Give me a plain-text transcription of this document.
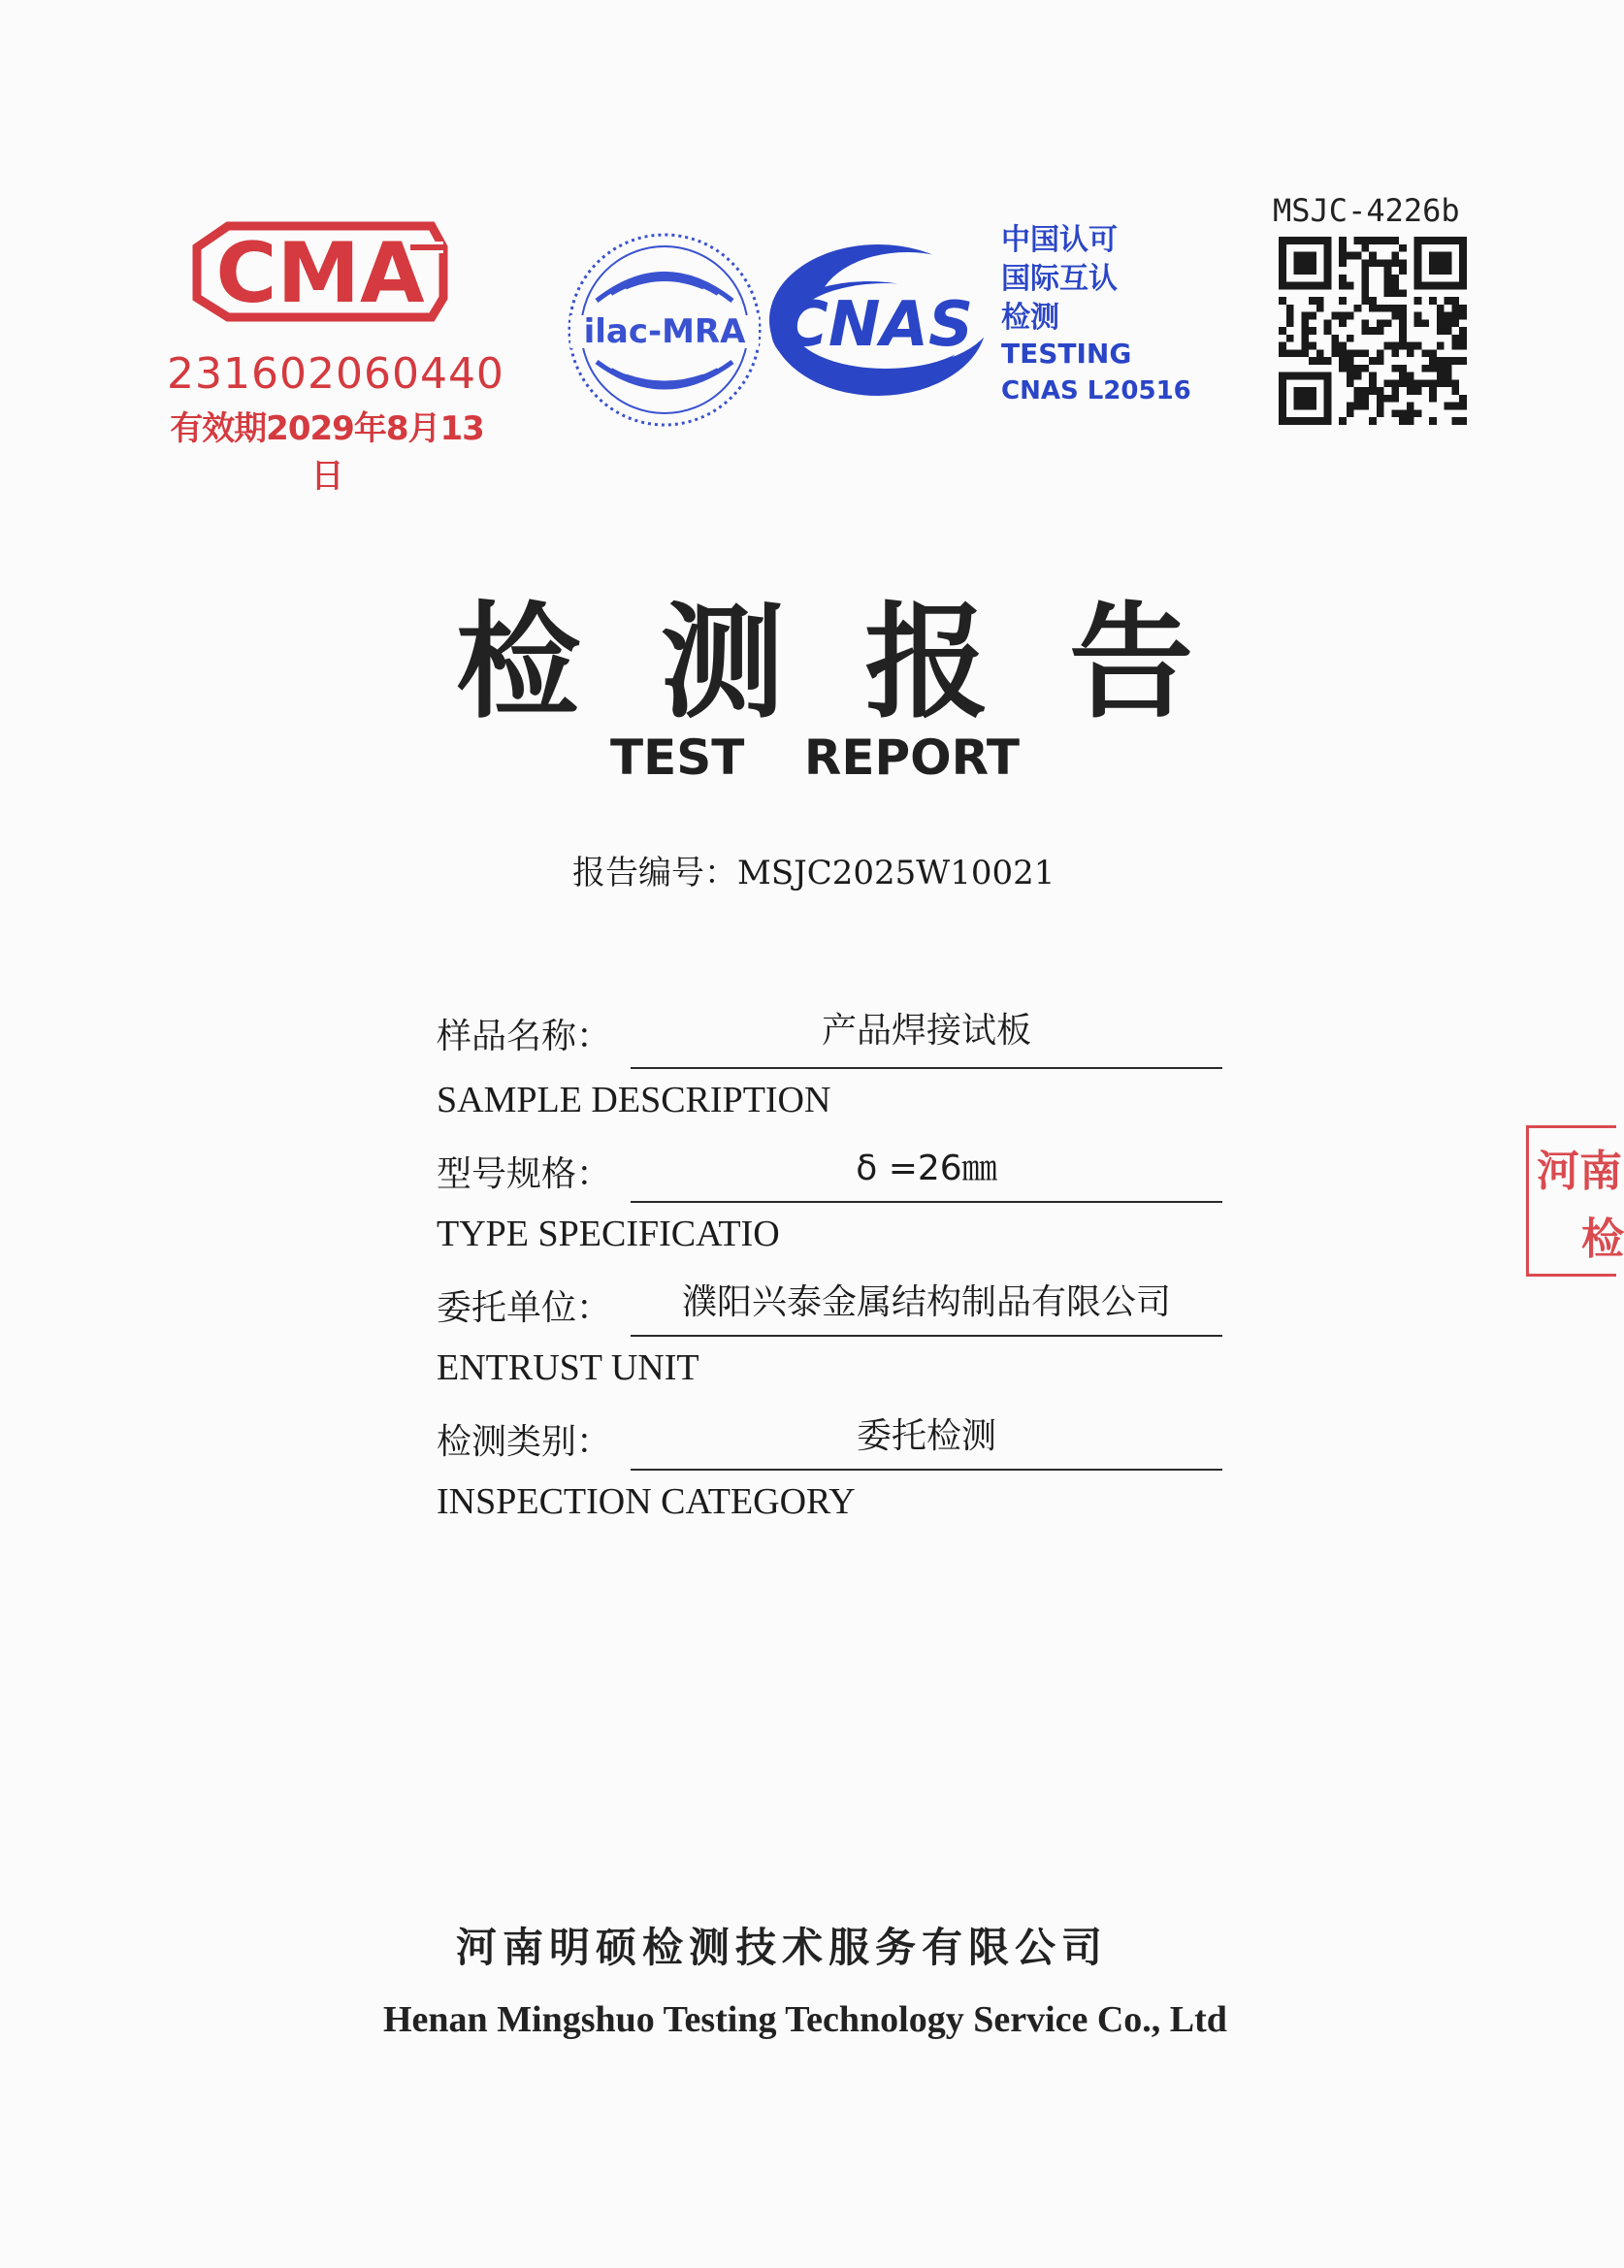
CMA
231602060440
有效期2029年8月13日
ilac-MRA CNAS
中国认可
国际互认
检测
TESTING
CNAS L20516
MSJC-4226b
检 测 报 告
TEST REPORT
报告编号：MSJC2025W10021
样品名称：	产品焊接试板
SAMPLE DESCRIPTION
型号规格：	δ =26㎜
TYPE SPECIFICATIO
委托单位：	濮阳兴泰金属结构制品有限公司
ENTRUST UNIT
检测类别：	委托检测
INSPECTION CATEGORY
河南明硕检测技术服务有限公司
Henan Mingshuo Testing Technology Service Co., Ltd
河南
检
